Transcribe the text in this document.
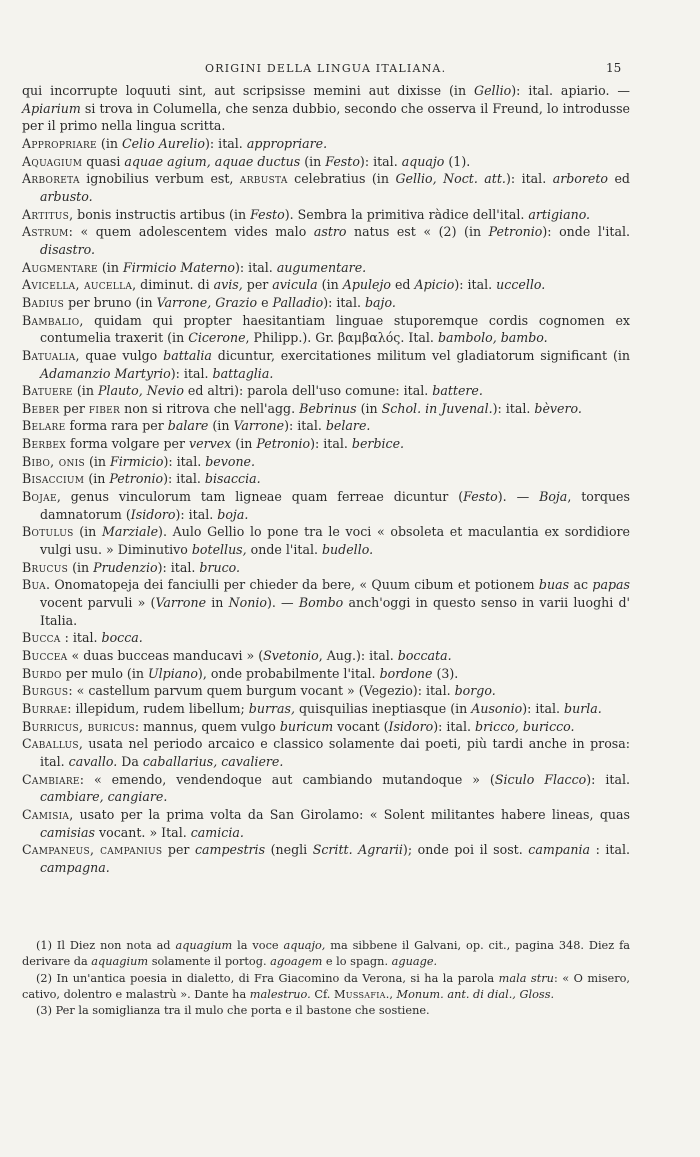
ORIGINI DELLA LINGUA ITALIANA.	15
qui incorrupte loquuti sint, aut scripsisse memini aut dixisse (in Gellio): ital. apiario. — Apiarium si trova in Columella, che senza dubbio, secondo che osserva il Freund, lo introdusse per il primo nella lingua scritta.
Appropriare (in Celio Aurelio): ital. appropriare.
Aquagium quasi aquae agium, aquae ductus (in Festo): ital. aquajo (1).
Arboreta ignobilius verbum est, arbusta celebratius (in Gellio, Noct. att.): ital. arboreto ed arbusto.
Artitus, bonis instructis artibus (in Festo). Sembra la primitiva ràdice dell'ital. artigiano.
Astrum: « quem adolescentem vides malo astro natus est « (2) (in Petronio): onde l'ital. disastro.
Augmentare (in Firmicio Materno): ital. augumentare.
Avicella, aucella, diminut. di avis, per avicula (in Apulejo ed Apicio): ital. uccello.
Badius per bruno (in Varrone, Grazio e Palladio): ital. bajo.
Bambalio, quidam qui propter haesitantiam linguae stuporemque cordis cognomen ex contumelia traxerit (in Cicerone, Philipp.). Gr. βαμβαλός. Ital. bambolo, bambo.
Batualia, quae vulgo battalia dicuntur, exercitationes militum vel gladiatorum significant (in Adamanzio Martyrio): ital. battaglia.
Batuere (in Plauto, Nevio ed altri): parola dell'uso comune: ital. battere.
Beber per fiber non si ritrova che nell'agg. Bebrinus (in Schol. in Juvenal.): ital. bèvero.
Belare forma rara per balare (in Varrone): ital. belare.
Berbex forma volgare per vervex (in Petronio): ital. berbice.
Bibo, onis (in Firmicio): ital. bevone.
Bisaccium (in Petronio): ital. bisaccia.
Bojae, genus vinculorum tam ligneae quam ferreae dicuntur (Festo). — Boja, torques damnatorum (Isidoro): ital. boja.
Botulus (in Marziale). Aulo Gellio lo pone tra le voci « obsoleta et maculantia ex sordidiore vulgi usu. » Diminutivo botellus, onde l'ital. budello.
Brucus (in Prudenzio): ital. bruco.
Bua. Onomatopeja dei fanciulli per chieder da bere, « Quum cibum et potionem buas ac papas vocent parvuli » (Varrone in Nonio). — Bombo anch'oggi in questo senso in varii luoghi d' Italia.
Bucca : ital. bocca.
Buccea « duas bucceas manducavi » (Svetonio, Aug.): ital. boccata.
Burdo per mulo (in Ulpiano), onde probabilmente l'ital. bordone (3).
Burgus: « castellum parvum quem burgum vocant » (Vegezio): ital. borgo.
Burrae: illepidum, rudem libellum; burras, quisquilias ineptiasque (in Ausonio): ital. burla.
Burricus, buricus: mannus, quem vulgo buricum vocant (Isidoro): ital. bricco, buricco.
Caballus, usata nel periodo arcaico e classico solamente dai poeti, più tardi anche in prosa: ital. cavallo. Da caballarius, cavaliere.
Cambiare: « emendo, vendendoque aut cambiando mutandoque » (Siculo Flacco): ital. cambiare, cangiare.
Camisia, usato per la prima volta da San Girolamo: « Solent militantes habere lineas, quas camisias vocant. » Ital. camicia.
Campaneus, campanius per campestris (negli Scritt. Agrarii); onde poi il sost. campania : ital. campagna.
(1) Il Diez non nota ad aquagium la voce aquajo, ma sibbene il Galvani, op. cit., pagina 348. Diez fa derivare da aquagium solamente il portog. agoagem e lo spagn. aguage.
(2) In un'antica poesia in dialetto, di Fra Giacomino da Verona, si ha la parola mala stru: « O misero, cativo, dolentro e malastrù ». Dante ha malestruo. Cf. Mussafia., Monum. ant. di dial., Gloss.
(3) Per la somiglianza tra il mulo che porta e il bastone che sostiene.
